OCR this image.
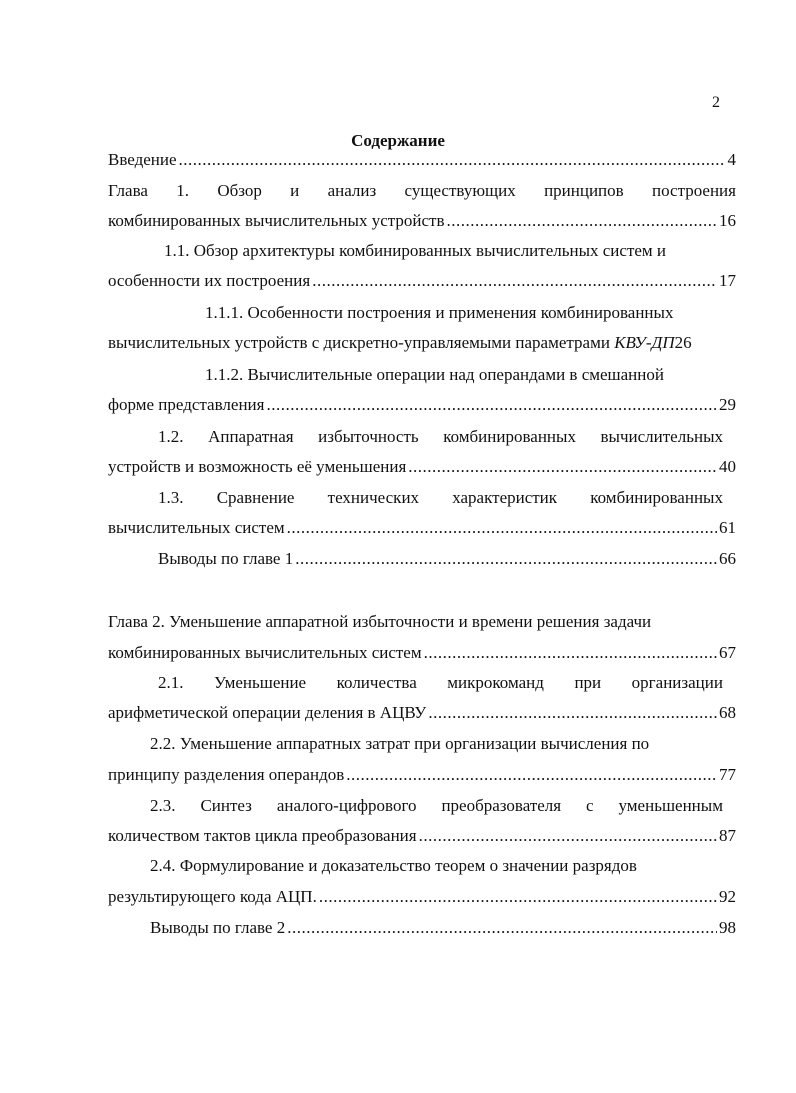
2
Содержание
Введение .....	4
Глава 1. Обзор и анализ существующих принципов построения
комбинированных вычислительных устройств .....	16
1.1. Обзор архитектуры комбинированных вычислительных систем и
особенности их построения .....	17
1.1.1. Особенности построения и применения комбинированных
вычислительных устройств с дискретно-управляемыми параметрами КВУ-ДП26
1.1.2. Вычислительные операции над операндами в смешанной
форме представления .....	29
1.2. Аппаратная избыточность комбинированных вычислительных
устройств и возможность её уменьшения .....	40
1.3. Сравнение технических характеристик комбинированных
вычислительных систем .....	61
Выводы по главе 1 .....	66
Глава 2. Уменьшение аппаратной избыточности и времени решения задачи
комбинированных вычислительных систем .....	67
2.1. Уменьшение количества микрокоманд при организации
арифметической операции деления в АЦВУ .....	68
2.2. Уменьшение аппаратных затрат при организации вычисления по
принципу разделения операндов .....	77
2.3. Синтез аналого-цифрового преобразователя с уменьшенным
количеством тактов цикла преобразования .....	87
2.4. Формулирование и доказательство теорем о значении разрядов
результирующего кода АЦП. .....	92
Выводы по главе 2 .....	98
